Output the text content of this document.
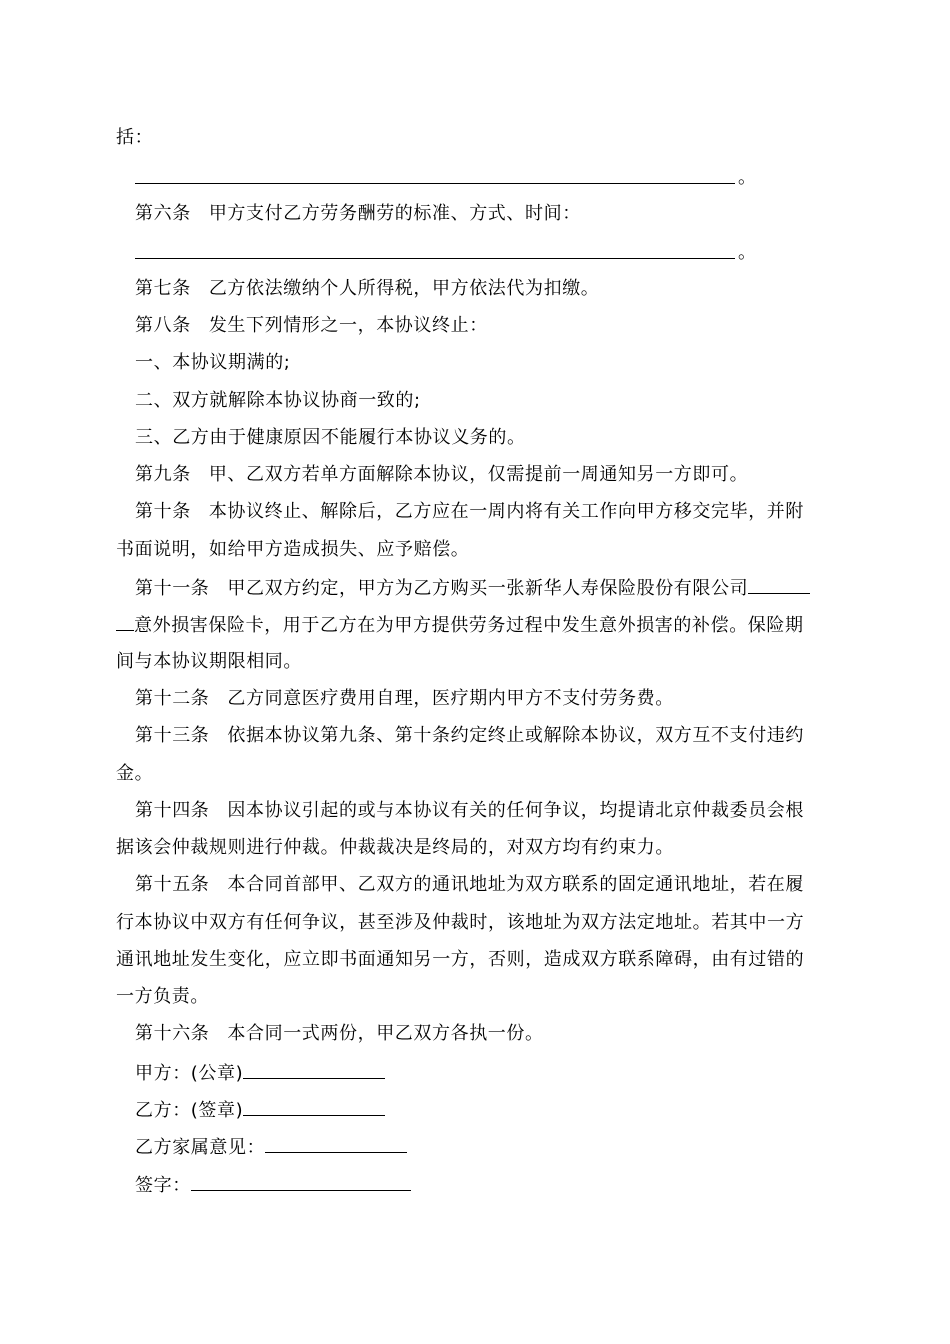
括：
。
第六条 甲方支付乙方劳务酬劳的标准、方式、时间：
。
第七条 乙方依法缴纳个人所得税，甲方依法代为扣缴。
第八条 发生下列情形之一，本协议终止：
一、本协议期满的;
二、双方就解除本协议协商一致的;
三、乙方由于健康原因不能履行本协议义务的。
第九条 甲、乙双方若单方面解除本协议，仅需提前一周通知另一方即可。
第十条 本协议终止、解除后，乙方应在一周内将有关工作向甲方移交完毕，并附
书面说明，如给甲方造成损失、应予赔偿。
第十一条 甲乙双方约定，甲方为乙方购买一张新华人寿保险股份有限公司
意外损害保险卡，用于乙方在为甲方提供劳务过程中发生意外损害的补偿。保险期
间与本协议期限相同。
第十二条 乙方同意医疗费用自理，医疗期内甲方不支付劳务费。
第十三条 依据本协议第九条、第十条约定终止或解除本协议，双方互不支付违约
金。
第十四条 因本协议引起的或与本协议有关的任何争议，均提请北京仲裁委员会根
据该会仲裁规则进行仲裁。仲裁裁决是终局的，对双方均有约束力。
第十五条 本合同首部甲、乙双方的通讯地址为双方联系的固定通讯地址，若在履
行本协议中双方有任何争议，甚至涉及仲裁时，该地址为双方法定地址。若其中一方
通讯地址发生变化，应立即书面通知另一方，否则，造成双方联系障碍，由有过错的
一方负责。
第十六条 本合同一式两份，甲乙双方各执一份。
甲方：(公章)
乙方：(签章)
乙方家属意见：
签字：
